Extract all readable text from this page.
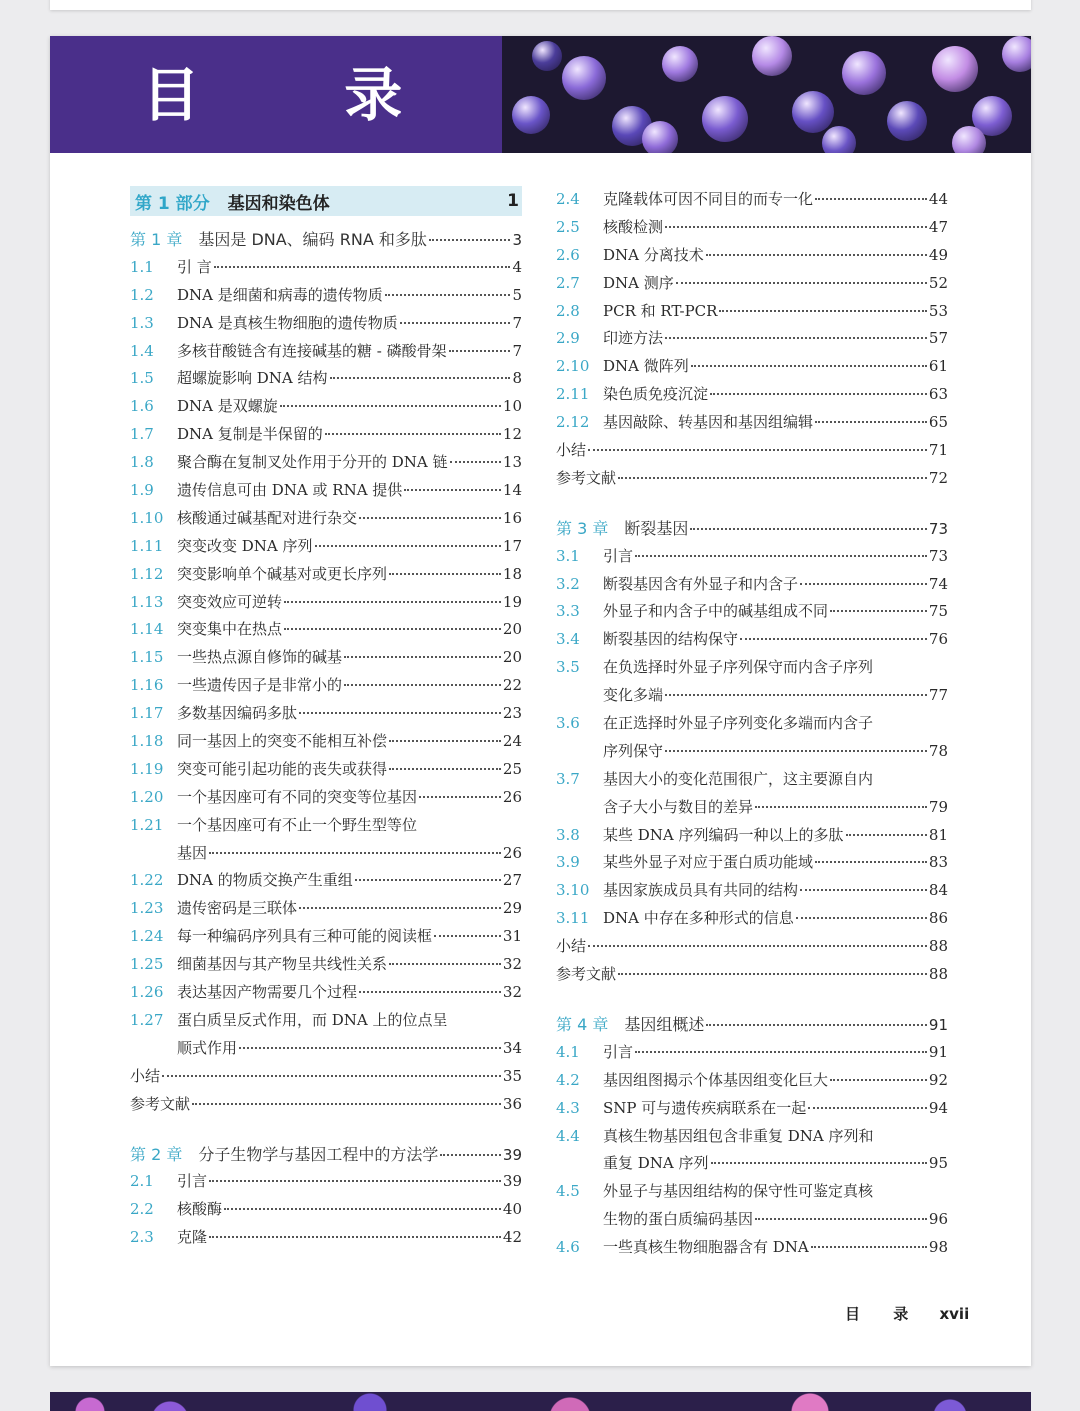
目 录
第 1 部分 基因和染色体	1
第 1 章 基因是 DNA、编码 RNA 和多肽	3
1.1	引 言	4
1.2	DNA 是细菌和病毒的遗传物质	5
1.3	DNA 是真核生物细胞的遗传物质	7
1.4	多核苷酸链含有连接碱基的糖 - 磷酸骨架	7
1.5	超螺旋影响 DNA 结构	8
1.6	DNA 是双螺旋	10
1.7	DNA 复制是半保留的	12
1.8	聚合酶在复制叉处作用于分开的 DNA 链	13
1.9	遗传信息可由 DNA 或 RNA 提供	14
1.10 核酸通过碱基配对进行杂交	16
1.11 突变改变 DNA 序列	17
1.12 突变影响单个碱基对或更长序列	18
1.13 突变效应可逆转	19
1.14 突变集中在热点	20
1.15 一些热点源自修饰的碱基	20
1.16 一些遗传因子是非常小的	22
1.17 多数基因编码多肽	23
1.18 同一基因上的突变不能相互补偿	24
1.19 突变可能引起功能的丧失或获得	25
1.20 一个基因座可有不同的突变等位基因	26
1.21 一个基因座可有不止一个野生型等位
基因	26
1.22 DNA 的物质交换产生重组	27
1.23 遗传密码是三联体	29
1.24 每一种编码序列具有三种可能的阅读框	31
1.25 细菌基因与其产物呈共线性关系	32
1.26 表达基因产物需要几个过程	32
1.27 蛋白质呈反式作用，而 DNA 上的位点呈
顺式作用	34
小结	35
参考文献	36
第 2 章 分子生物学与基因工程中的方法学	39
2.1	引言	39
2.2	核酸酶	40
2.3	克隆	42
2.4	克隆载体可因不同目的而专一化	44
2.5	核酸检测	47
2.6	DNA 分离技术	49
2.7	DNA 测序	52
2.8	PCR 和 RT-PCR	53
2.9	印迹方法	57
2.10 DNA 微阵列	61
2.11 染色质免疫沉淀	63
2.12 基因敲除、转基因和基因组编辑	65
小结	71
参考文献	72
第 3 章 断裂基因	73
3.1	引言	73
3.2	断裂基因含有外显子和内含子	74
3.3	外显子和内含子中的碱基组成不同	75
3.4	断裂基因的结构保守	76
3.5	在负选择时外显子序列保守而内含子序列
变化多端	77
3.6	在正选择时外显子序列变化多端而内含子
序列保守	78
3.7	基因大小的变化范围很广，这主要源自内
含子大小与数目的差异	79
3.8	某些 DNA 序列编码一种以上的多肽	81
3.9	某些外显子对应于蛋白质功能域	83
3.10 基因家族成员具有共同的结构	84
3.11 DNA 中存在多种形式的信息	86
小结	88
参考文献	88
第 4 章 基因组概述	91
4.1	引言	91
4.2	基因组图揭示个体基因组变化巨大	92
4.3	SNP 可与遗传疾病联系在一起	94
4.4	真核生物基因组包含非重复 DNA 序列和
重复 DNA 序列	95
4.5	外显子与基因组结构的保守性可鉴定真核
生物的蛋白质编码基因	96
4.6	一些真核生物细胞器含有 DNA	98
目 录 xvii
